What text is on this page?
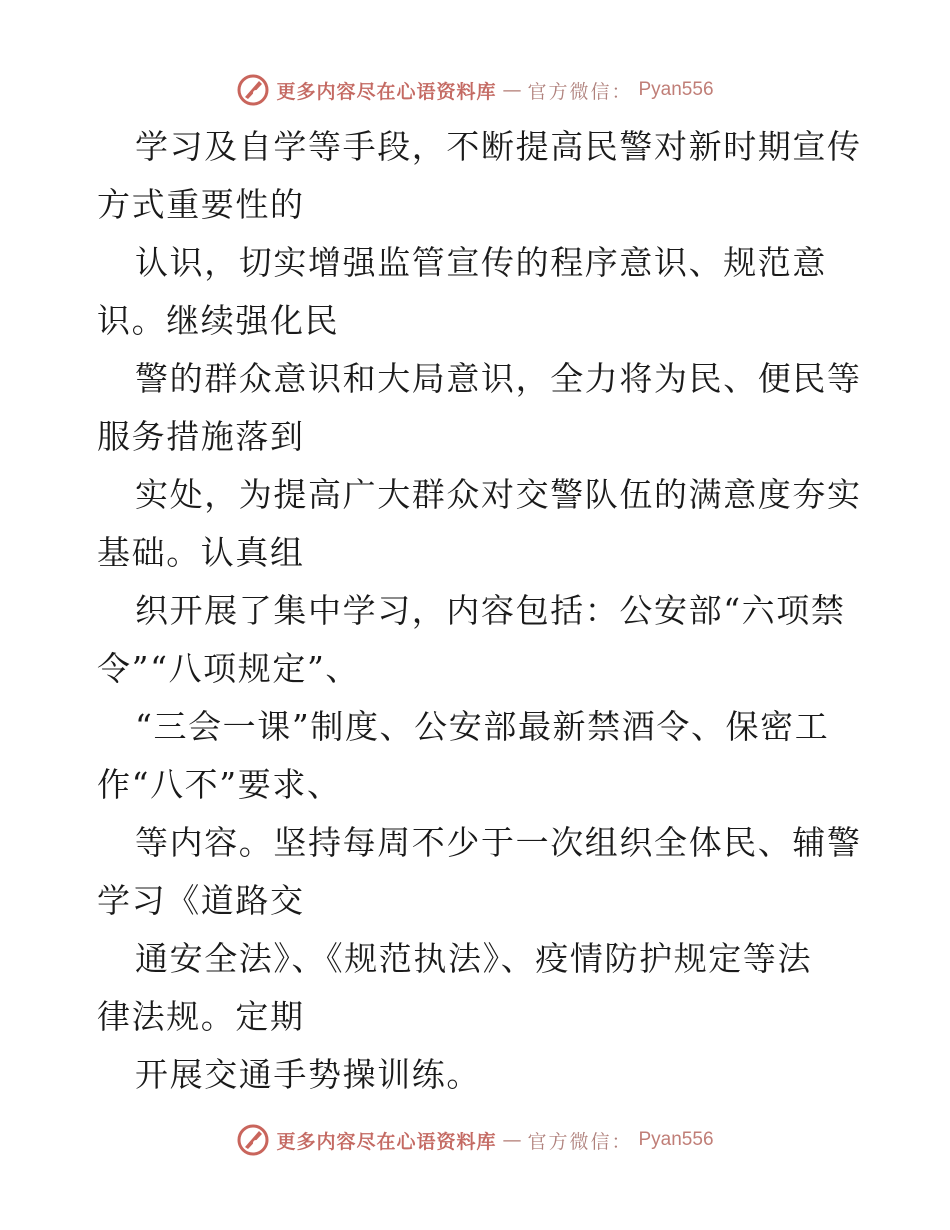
更多内容尽在心语资料库 — 官方微信： Pyan556
学习及自学等手段，不断提高民警对新时期宣传
方式重要性的
认识，切实增强监管宣传的程序意识、规范意
识。继续强化民
警的群众意识和大局意识，全力将为民、便民等
服务措施落到
实处，为提高广大群众对交警队伍的满意度夯实
基础。认真组
织开展了集中学习，内容包括：公安部“六项禁
令”“八项规定”、
“三会一课”制度、公安部最新禁酒令、保密工
作“八不”要求、
等内容。坚持每周不少于一次组织全体民、辅警
学习《道路交
通安全法》、《规范执法》、疫情防护规定等法
律法规。定期
开展交通手势操训练。
更多内容尽在心语资料库 — 官方微信： Pyan556
